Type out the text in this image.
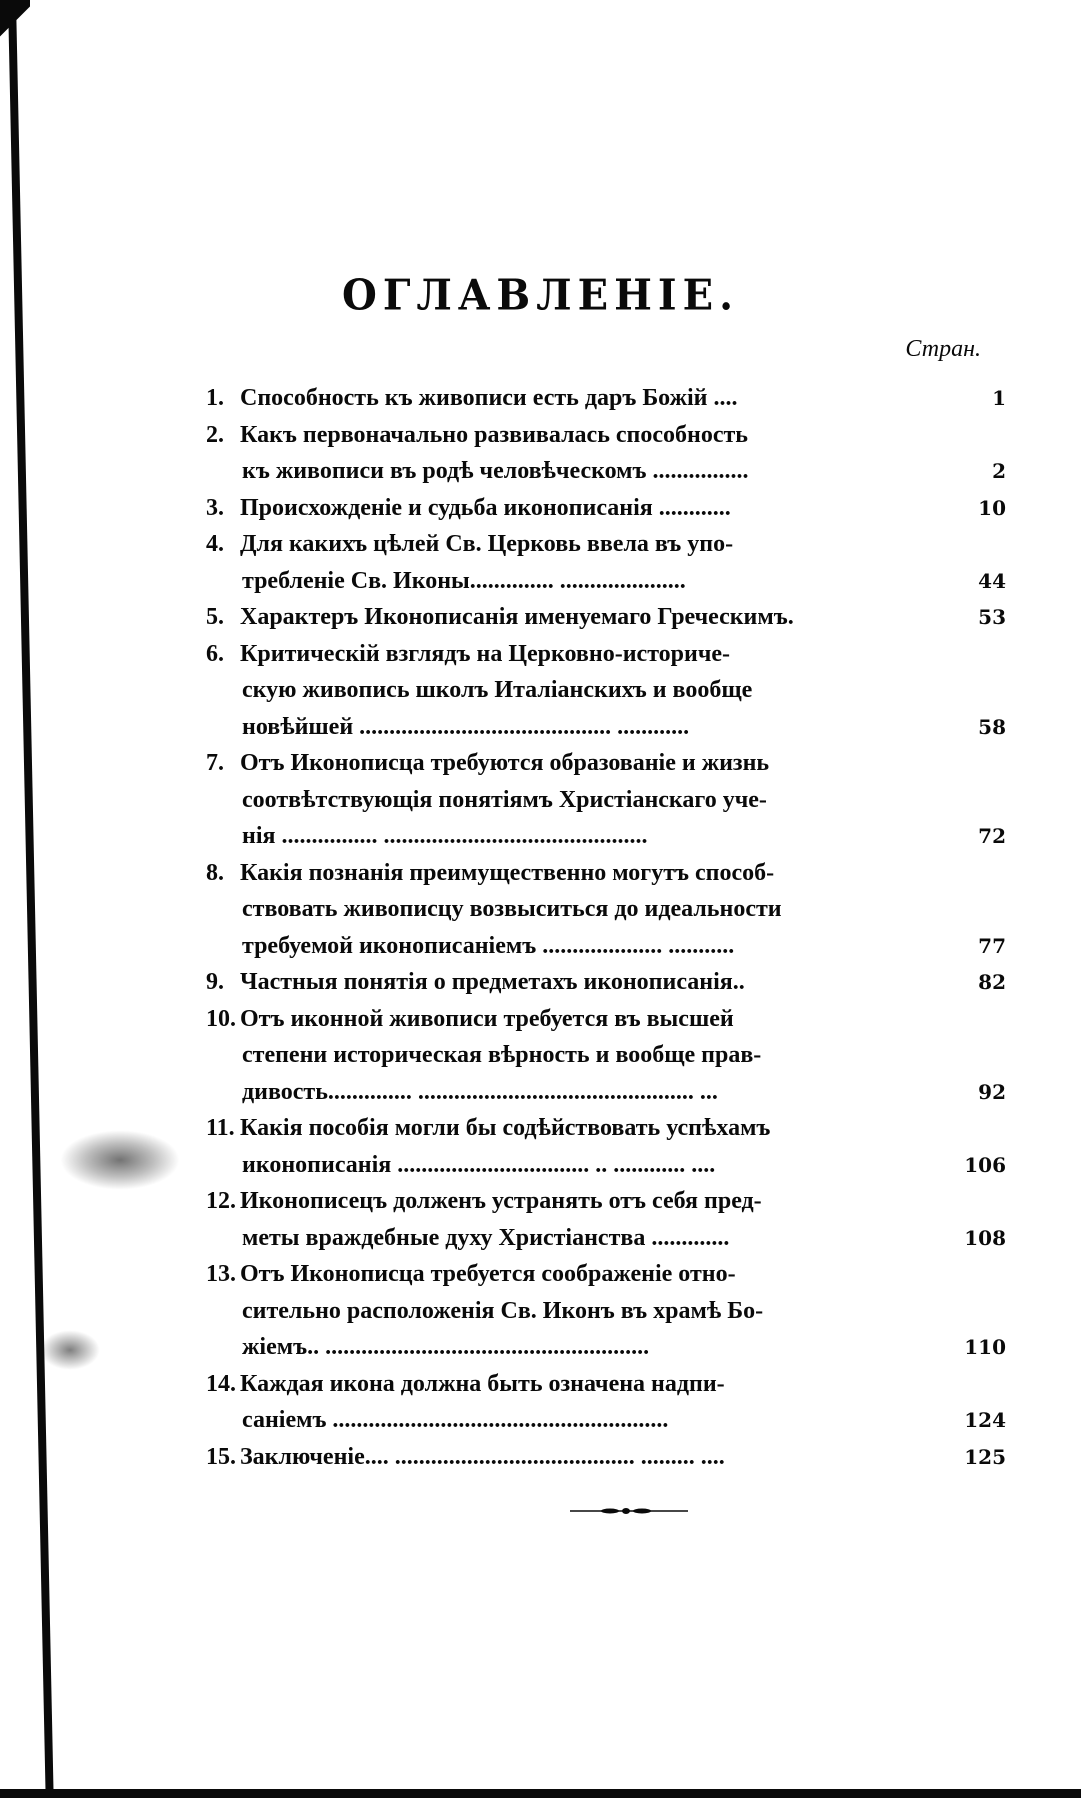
ОГЛАВЛЕНІЕ.
Стран.
1. Способность къ живописи есть даръ Божій ....	1
2. Какъ первоначально развивалась способность
къ живописи въ родѣ человѣческомъ ................	2
3. Происхожденіе и судьба иконописанія ............	10
4. Для какихъ цѣлей Св. Церковь ввела въ упо-
требленіе Св. Иконы.............. .....................	44
5. Характеръ Иконописанія именуемаго Греческимъ.	53
6. Критическій взглядъ на Церковно-историче-
скую живопись школъ Италіанскихъ и вообще
новѣйшей .......................................... ............	58
7. Отъ Иконописца требуются образованіе и жизнь
соотвѣтствующія понятіямъ Христіанскаго уче-
нія ................ ............................................	72
8. Какія познанія преимущественно могутъ способ-
ствовать живописцу возвыситься до идеальности
требуемой иконописаніемъ .................... ...........	77
9. Частныя понятія о предметахъ иконописанія..	82
10. Отъ иконной живописи требуется въ высшей
степени историческая вѣрность и вообще прав-
дивость.............. .............................................. ...	92
11. Какія пособія могли бы содѣйствовать успѣхамъ
иконописанія ................................ .. ............ ....	106
12. Иконописецъ долженъ устранять отъ себя пред-
меты враждебные духу Христіанства .............	108
13. Отъ Иконописца требуется соображеніе отно-
сительно расположенія Св. Иконъ въ храмѣ Бо-
жіемъ.. ......................................................	110
14. Каждая икона должна быть означена надпи-
саніемъ ........................................................	124
15. Заключеніе.... ........................................ ......... ....	125
